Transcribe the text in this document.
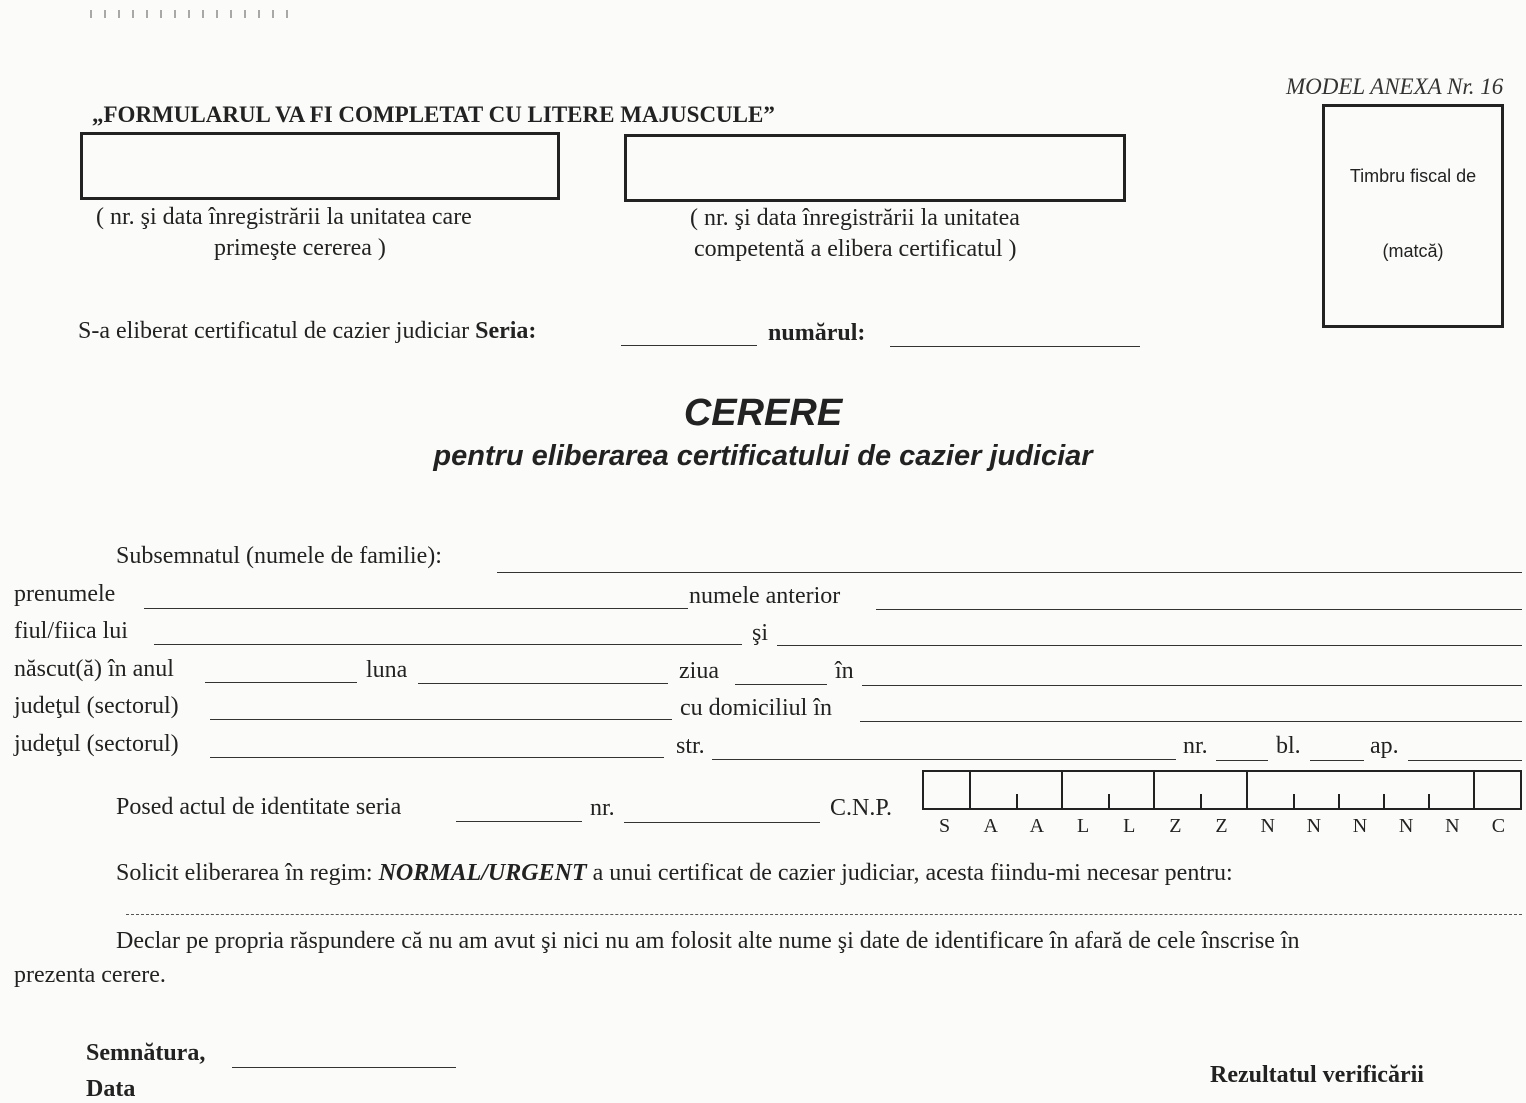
MODEL ANEXA Nr. 16
„FORMULARUL VA FI COMPLETAT CU LITERE MAJUSCULE”
( nr. şi data înregistrării la unitatea care
primeşte cererea )
( nr. şi data înregistrării la unitatea
competentă a elibera certificatul )
Timbru fiscal de
(matcă)
S-a eliberat certificatul de cazier judiciar Seria:	numărul:
CERERE
pentru eliberarea certificatului de cazier judiciar
Subsemnatul (numele de familie):
prenumele	numele anterior
fiul/fiica lui	şi
născut(ă) în anul	luna	ziua	în
judeţul (sectorul)	cu domiciliul în
judeţul (sectorul)	str.	nr.	bl.	ap.
Posed actul de identitate seria	nr.	C.N.P.
S	A	A	L	L	Z	Z	N	N	N	N	N	C
Solicit eliberarea în regim: NORMAL/URGENT a unui certificat de cazier judiciar, acesta fiindu-mi necesar pentru:
Declar pe propria răspundere că nu am avut şi nici nu am folosit alte nume şi date de identificare în afară de cele înscrise în
prezenta cerere.
Semnătura,
Data
Rezultatul verificării
